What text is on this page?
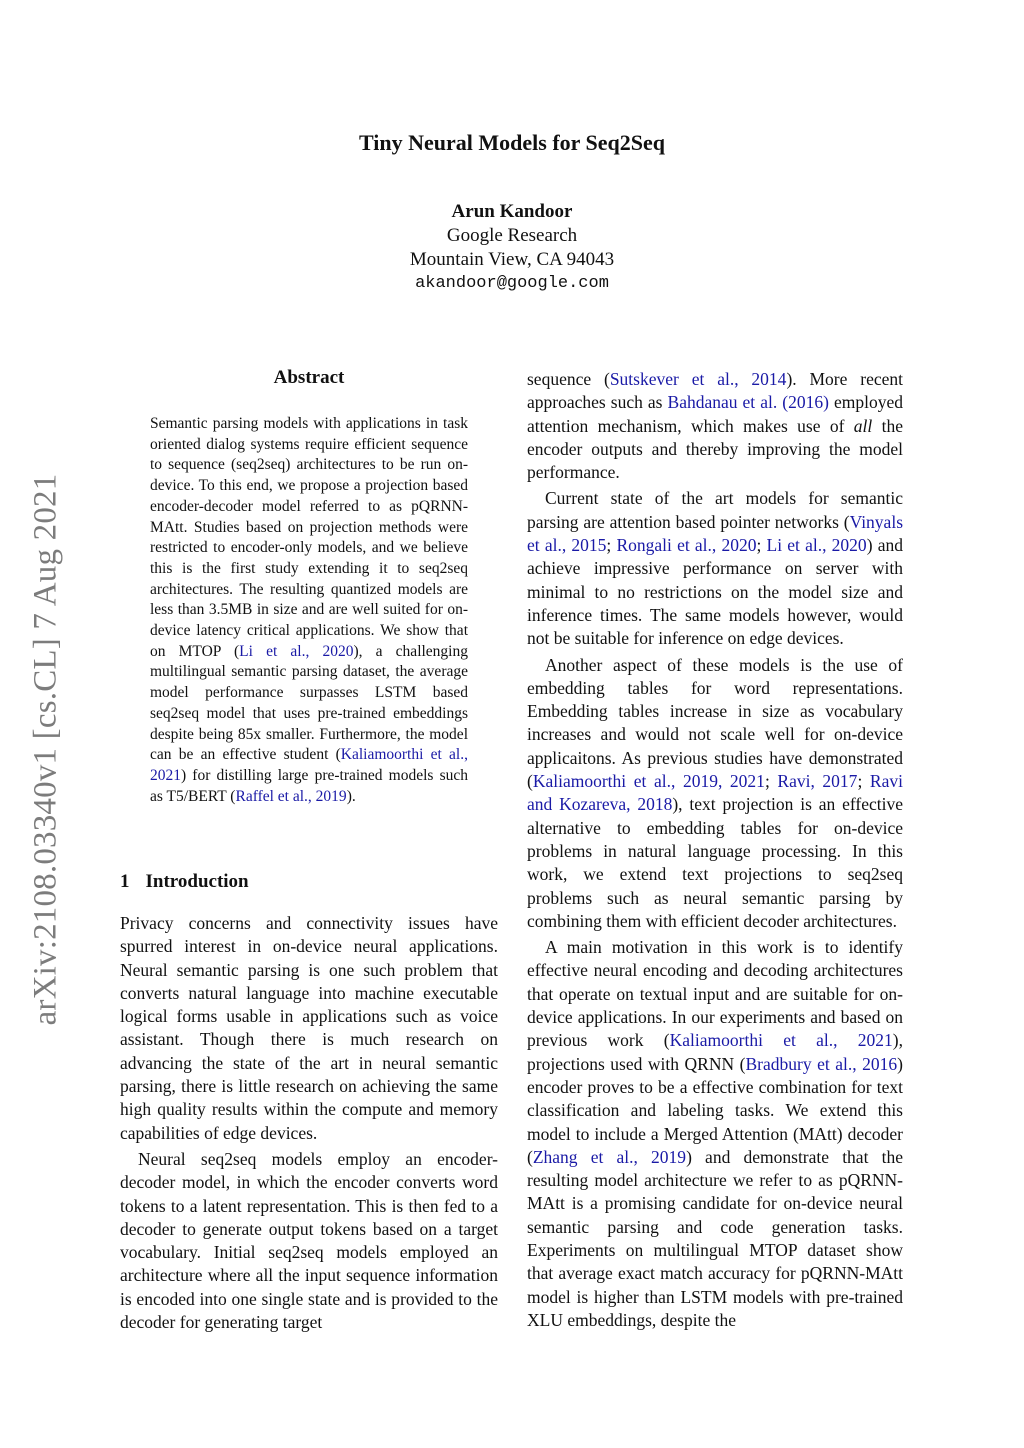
Tiny Neural Models for Seq2Seq
Arun Kandoor
Google Research
Mountain View, CA 94043
akandoor@google.com
arXiv:2108.03340v1 [cs.CL] 7 Aug 2021
Abstract

Semantic parsing models with applications in task oriented dialog systems require efficient sequence to sequence (seq2seq) architectures to be run on-device. To this end, we propose a projection based encoder-decoder model referred to as pQRNN-MAtt. Studies based on projection methods were restricted to encoder-only models, and we believe this is the first study extending it to seq2seq architectures. The resulting quantized models are less than 3.5MB in size and are well suited for on-device latency critical applications. We show that on MTOP (Li et al., 2020), a challenging multilingual semantic parsing dataset, the average model performance surpasses LSTM based seq2seq model that uses pre-trained embeddings despite being 85x smaller. Furthermore, the model can be an effective student (Kaliamoorthi et al., 2021) for distilling large pre-trained models such as T5/BERT (Raffel et al., 2019).

1 Introduction

Privacy concerns and connectivity issues have spurred interest in on-device neural applications. Neural semantic parsing is one such problem that converts natural language into machine executable logical forms usable in applications such as voice assistant. Though there is much research on advancing the state of the art in neural semantic parsing, there is little research on achieving the same high quality results within the compute and memory capabilities of edge devices.

Neural seq2seq models employ an encoder-decoder model, in which the encoder converts word tokens to a latent representation. This is then fed to a decoder to generate output tokens based on a target vocabulary. Initial seq2seq models employed an architecture where all the input sequence information is encoded into one single state and is provided to the decoder for generating target

sequence (Sutskever et al., 2014). More recent approaches such as Bahdanau et al. (2016) employed attention mechanism, which makes use of all the encoder outputs and thereby improving the model performance.

Current state of the art models for semantic parsing are attention based pointer networks (Vinyals et al., 2015; Rongali et al., 2020; Li et al., 2020) and achieve impressive performance on server with minimal to no restrictions on the model size and inference times. The same models however, would not be suitable for inference on edge devices.

Another aspect of these models is the use of embedding tables for word representations. Embedding tables increase in size as vocabulary increases and would not scale well for on-device applicaitons. As previous studies have demonstrated (Kaliamoorthi et al., 2019, 2021; Ravi, 2017; Ravi and Kozareva, 2018), text projection is an effective alternative to embedding tables for on-device problems in natural language processing. In this work, we extend text projections to seq2seq problems such as neural semantic parsing by combining them with efficient decoder architectures.

A main motivation in this work is to identify effective neural encoding and decoding architectures that operate on textual input and are suitable for on-device applications. In our experiments and based on previous work (Kaliamoorthi et al., 2021), projections used with QRNN (Bradbury et al., 2016) encoder proves to be a effective combination for text classification and labeling tasks. We extend this model to include a Merged Attention (MAtt) decoder (Zhang et al., 2019) and demonstrate that the resulting model architecture we refer to as pQRNN-MAtt is a promising candidate for on-device neural semantic parsing and code generation tasks. Experiments on multilingual MTOP dataset show that average exact match accuracy for pQRNN-MAtt model is higher than LSTM models with pre-trained XLU embeddings, despite the
